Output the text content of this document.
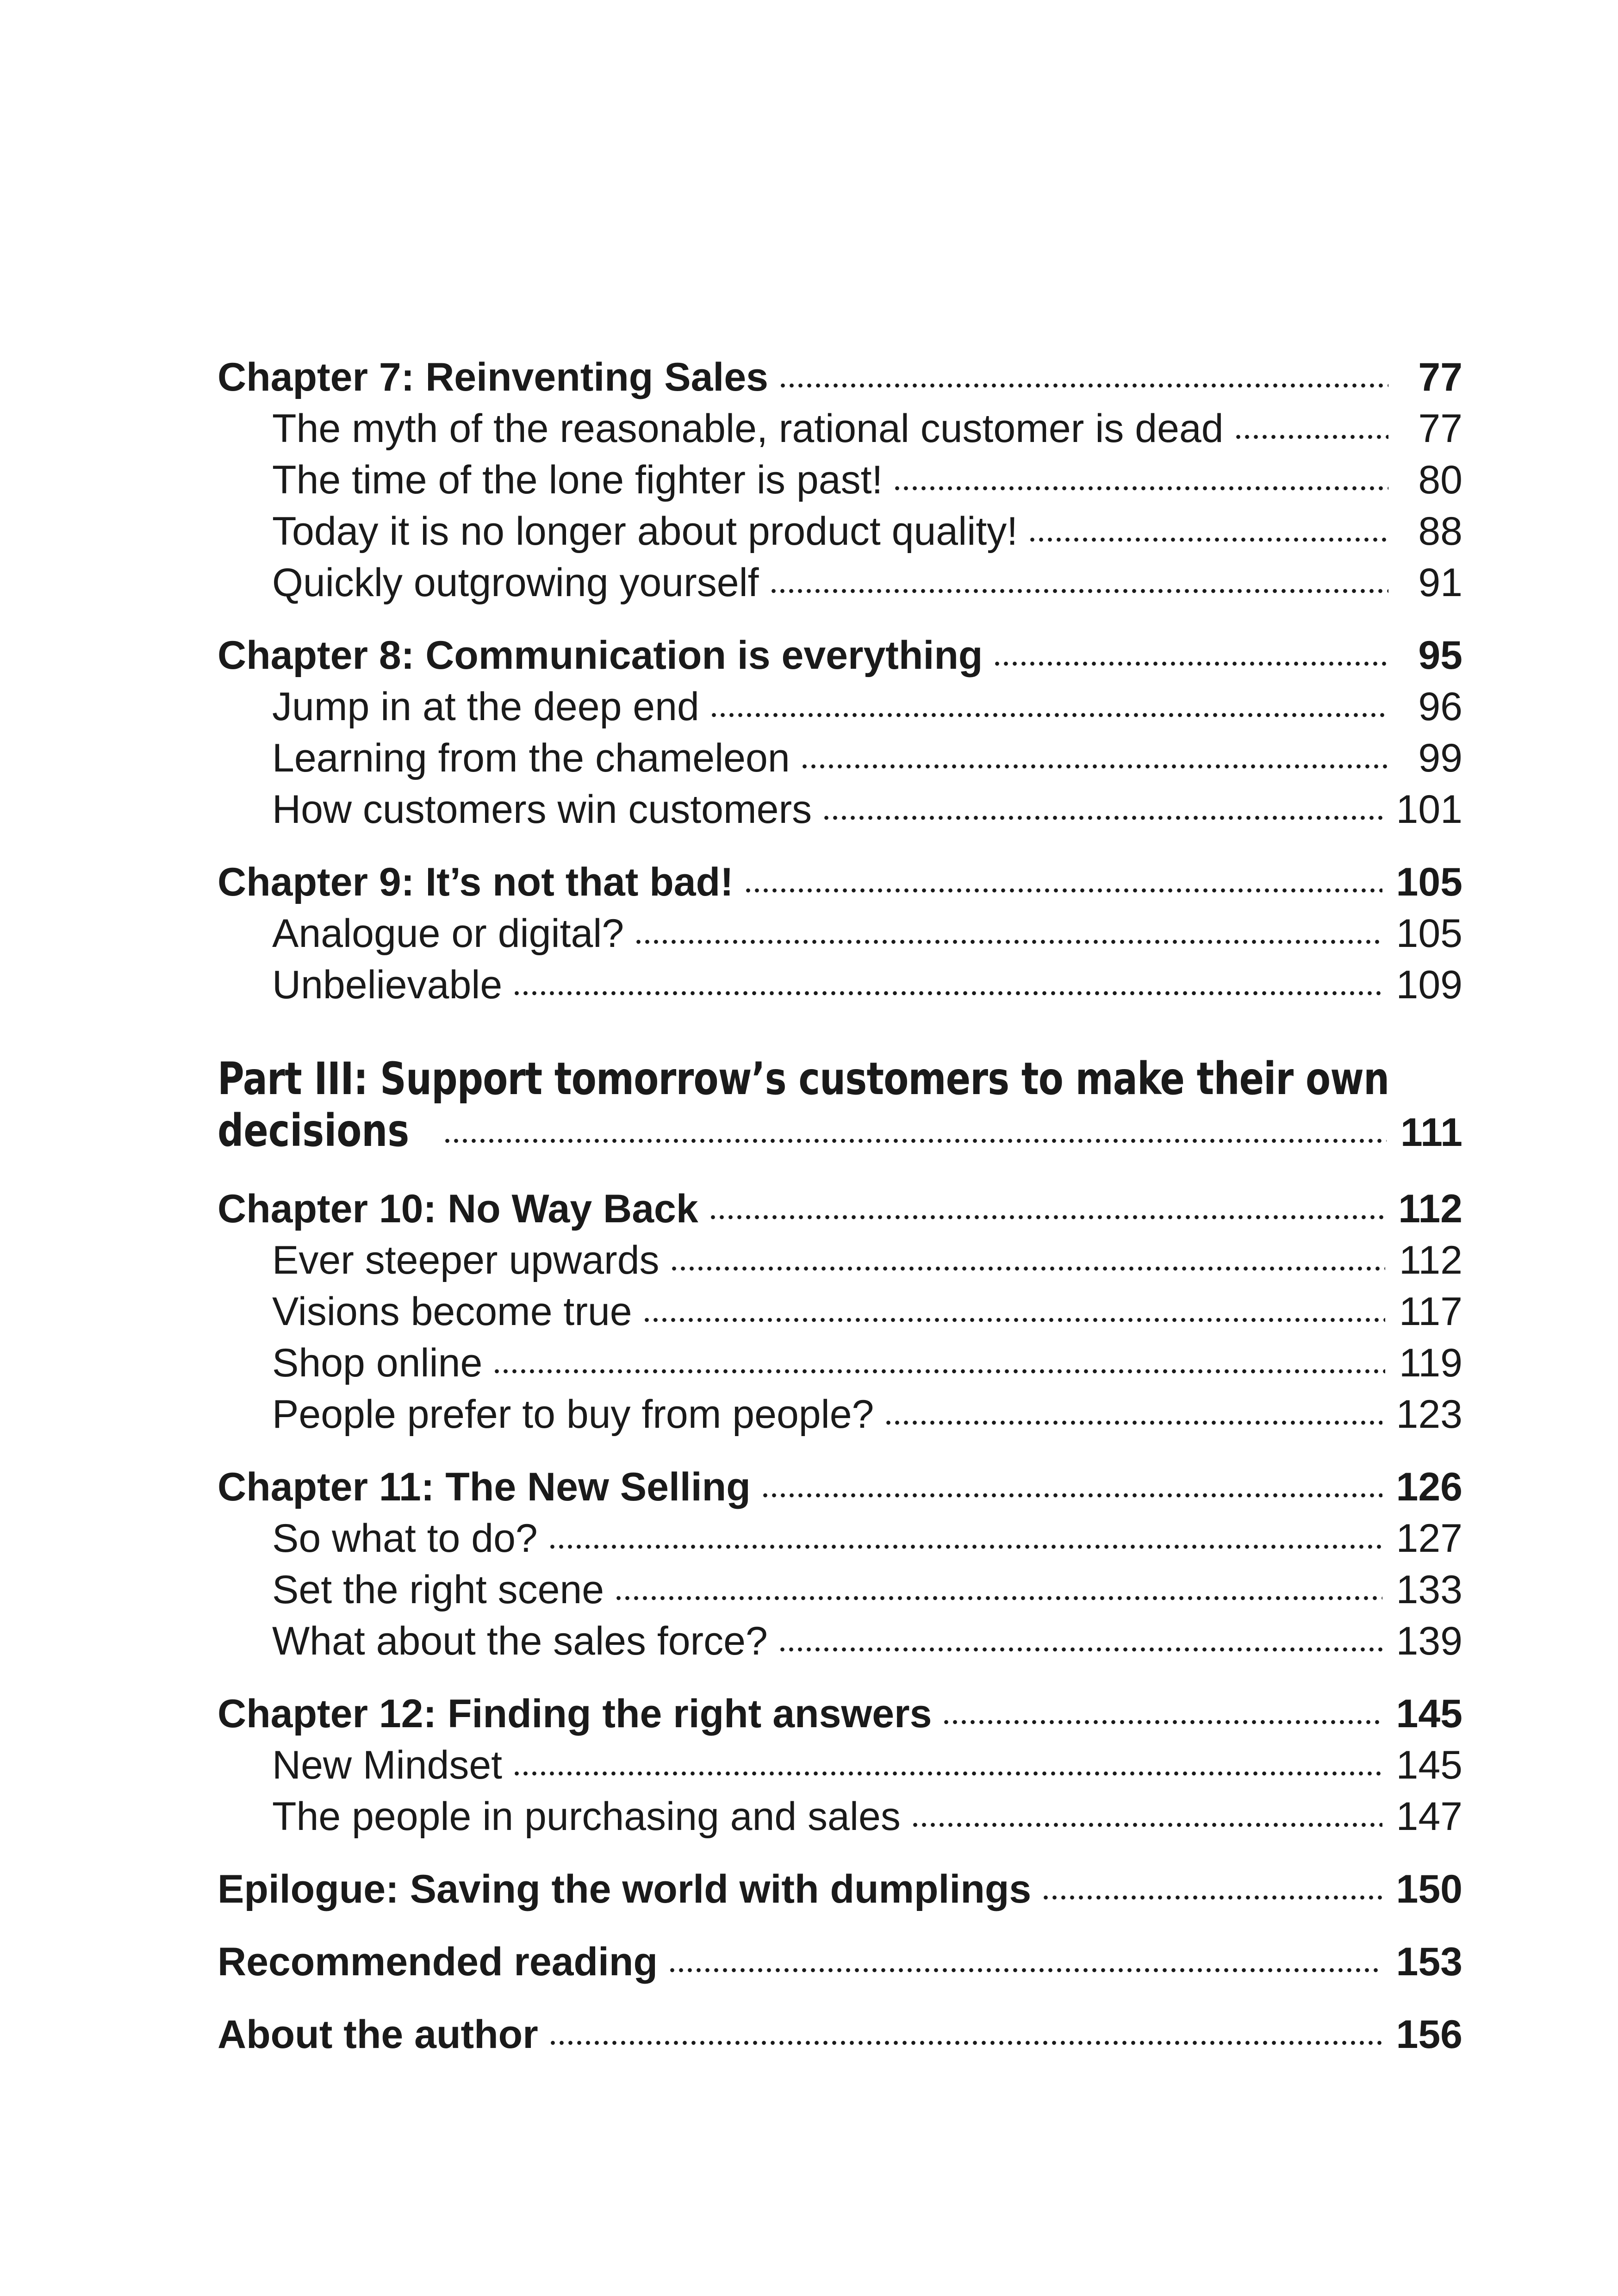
Chapter 7: Reinventing Sales	77
The myth of the reasonable, rational customer is dead	77
The time of the lone fighter is past!	80
Today it is no longer about product quality!	88
Quickly outgrowing yourself	91
Chapter 8: Communication is everything	95
Jump in at the deep end	96
Learning from the chameleon	99
How customers win customers	101
Chapter 9: It’s not that bad!	105
Analogue or digital?	105
Unbelievable	109
Part III: Support tomorrow’s customers to make their own
decisions	111
Chapter 10: No Way Back	112
Ever steeper upwards	112
Visions become true	117
Shop online	119
People prefer to buy from people?	123
Chapter 11: The New Selling	126
So what to do?	127
Set the right scene	133
What about the sales force?	139
Chapter 12: Finding the right answers	145
New Mindset	145
The people in purchasing and sales	147
Epilogue: Saving the world with dumplings	150
Recommended reading	153
About the author	156
